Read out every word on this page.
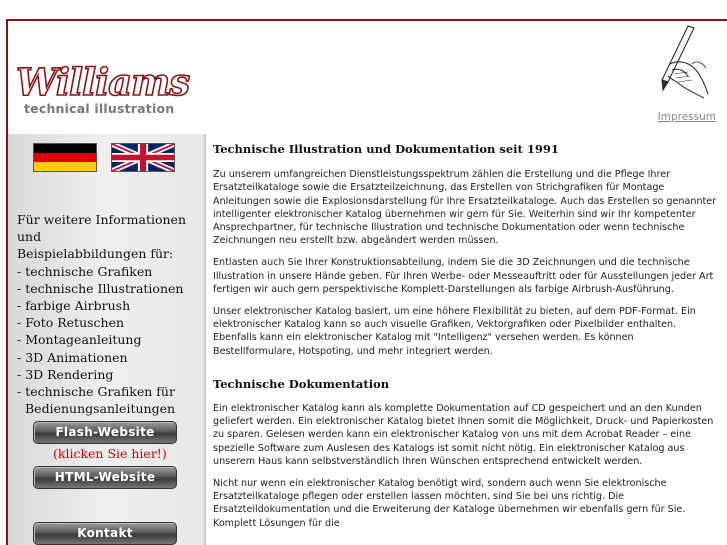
Williams
technical illustration
Impressum
Für weitere Informationen und
Beispielabbildungen für:
- technische Grafiken
- technische Illustrationen
- farbige Airbrush
- Foto Retuschen
- Montageanleitung
- 3D Animationen
- 3D Rendering
- technische Grafiken für
Bedienungsanleitungen
Flash-Website
(klicken Sie hier!)
HTML-Website
Kontakt
Technische Illustration und Dokumentation seit 1991

Zu unserem umfangreichen Dienstleistungsspektrum zählen die Erstellung und die Pflege Ihrer Ersatzteilkataloge sowie die Ersatzteilzeichnung, das Erstellen von Strichgrafiken für Montage Anleitungen sowie die Explosionsdarstellung für Ihre Ersatzteilkataloge. Auch das Erstellen so genannter intelligenter elektronischer Katalog übernehmen wir gern für Sie. Weiterhin sind wir Ihr kompetenter Ansprechpartner, für technische Illustration und technische Dokumentation oder wenn technische Zeichnungen neu erstellt bzw. abgeändert werden müssen.

Entlasten auch Sie Ihrer Konstruktionsabteilung, indem Sie die 3D Zeichnungen und die technische Illustration in unsere Hände geben. Für Ihren Werbe- oder Messeauftritt oder für Ausstellungen jeder Art fertigen wir auch gern perspektivische Komplett-Darstellungen als farbige Airbrush-Ausführung.

Unser elektronischer Katalog basiert, um eine höhere Flexibilität zu bieten, auf dem PDF-Format. Ein elektronischer Katalog kann so auch visuelle Grafiken, Vektorgrafiken oder Pixelbilder enthalten. Ebenfalls kann ein elektronischer Katalog mit "Intelligenz" versehen werden. Es können Bestellformulare, Hotspoting, und mehr integriert werden.

Technische Dokumentation

Ein elektronischer Katalog kann als komplette Dokumentation auf CD gespeichert und an den Kunden geliefert werden. Ein elektronischer Katalog bietet Ihnen somit die Möglichkeit, Druck- und Papierkosten zu sparen. Gelesen werden kann ein elektronischer Katalog von uns mit dem Acrobat Reader – eine spezielle Software zum Auslesen des Katalogs ist somit nicht nötig. Ein elektronischer Katalog aus unserem Haus kann selbstverständlich Ihren Wünschen entsprechend entwickelt werden.

Nicht nur wenn ein elektronischer Katalog benötigt wird, sondern auch wenn Sie elektronische Ersatzteilkataloge pflegen oder erstellen lassen möchten, sind Sie bei uns richtig. Die Ersatzteildokumentation und die Erweiterung der Kataloge übernehmen wir ebenfalls gern für Sie. Komplett Lösungen für die
